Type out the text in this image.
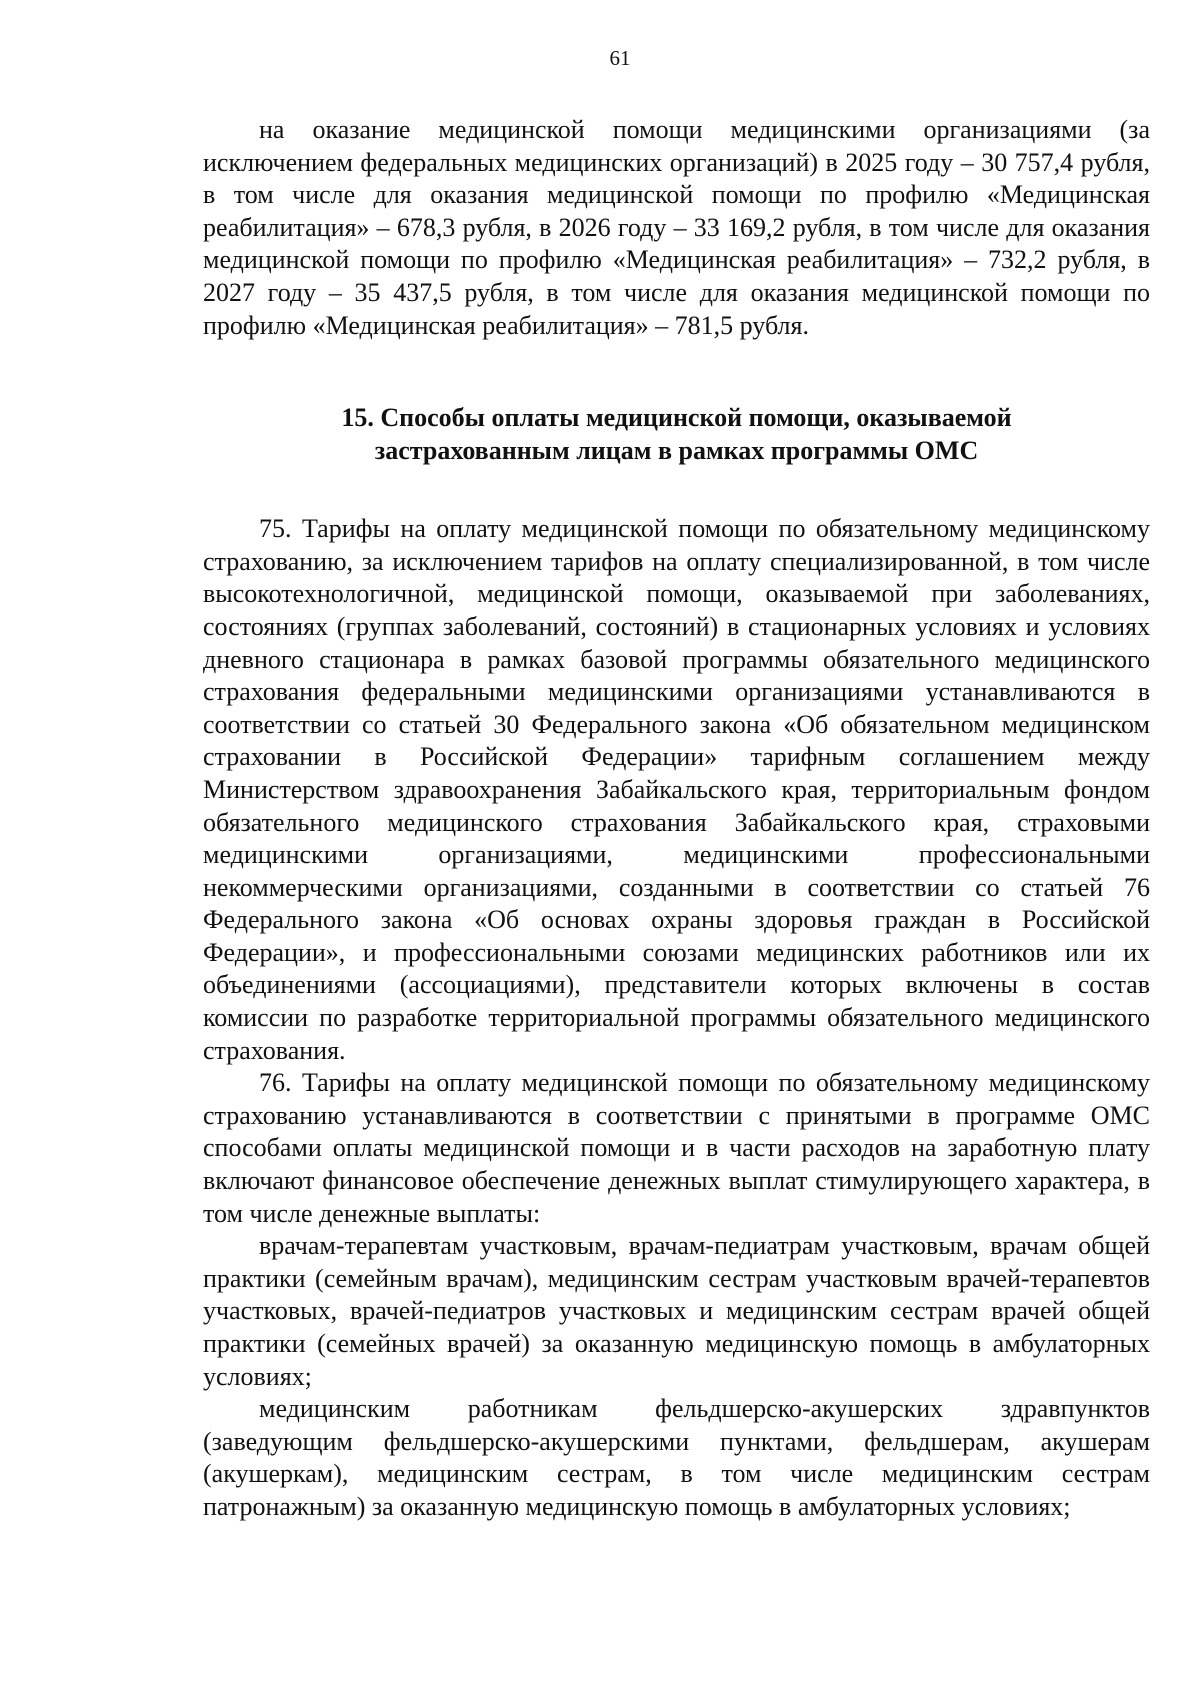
61

на оказание медицинской помощи медицинскими организациями (за исключением федеральных медицинских организаций) в 2025 году – 30 757,4 рубля, в том числе для оказания медицинской помощи по профилю «Медицинская реабилитация» – 678,3 рубля, в 2026 году – 33 169,2 рубля, в том числе для оказания медицинской помощи по профилю «Медицинская реабилитация» – 732,2 рубля, в 2027 году – 35 437,5 рубля, в том числе для оказания медицинской помощи по профилю «Медицинская реабилитация» – 781,5 рубля.

15. Способы оплаты медицинской помощи, оказываемой
застрахованным лицам в рамках программы ОМС

75. Тарифы на оплату медицинской помощи по обязательному медицинскому страхованию, за исключением тарифов на оплату специализированной, в том числе высокотехнологичной, медицинской помощи, оказываемой при заболеваниях, состояниях (группах заболеваний, состояний) в стационарных условиях и условиях дневного стационара в рамках базовой программы обязательного медицинского страхования федеральными медицинскими организациями устанавливаются в соответствии со статьей 30 Федерального закона «Об обязательном медицинском страховании в Российской Федерации» тарифным соглашением между Министерством здравоохранения Забайкальского края, территориальным фондом обязательного медицинского страхования Забайкальского края, страховыми медицинскими организациями, медицинскими профессиональными некоммерческими организациями, созданными в соответствии со статьей 76 Федерального закона «Об основах охраны здоровья граждан в Российской Федерации», и профессиональными союзами медицинских работников или их объединениями (ассоциациями), представители которых включены в состав комиссии по разработке территориальной программы обязательного медицинского страхования.

76. Тарифы на оплату медицинской помощи по обязательному медицинскому страхованию устанавливаются в соответствии с принятыми в программе ОМС способами оплаты медицинской помощи и в части расходов на заработную плату включают финансовое обеспечение денежных выплат стимулирующего характера, в том числе денежные выплаты:

врачам-терапевтам участковым, врачам-педиатрам участковым, врачам общей практики (семейным врачам), медицинским сестрам участковым врачей-терапевтов участковых, врачей-педиатров участковых и медицинским сестрам врачей общей практики (семейных врачей) за оказанную медицинскую помощь в амбулаторных условиях;

медицинским работникам фельдшерско-акушерских здравпунктов (заведующим фельдшерско-акушерскими пунктами, фельдшерам, акушерам (акушеркам), медицинским сестрам, в том числе медицинским сестрам патронажным) за оказанную медицинскую помощь в амбулаторных условиях;
